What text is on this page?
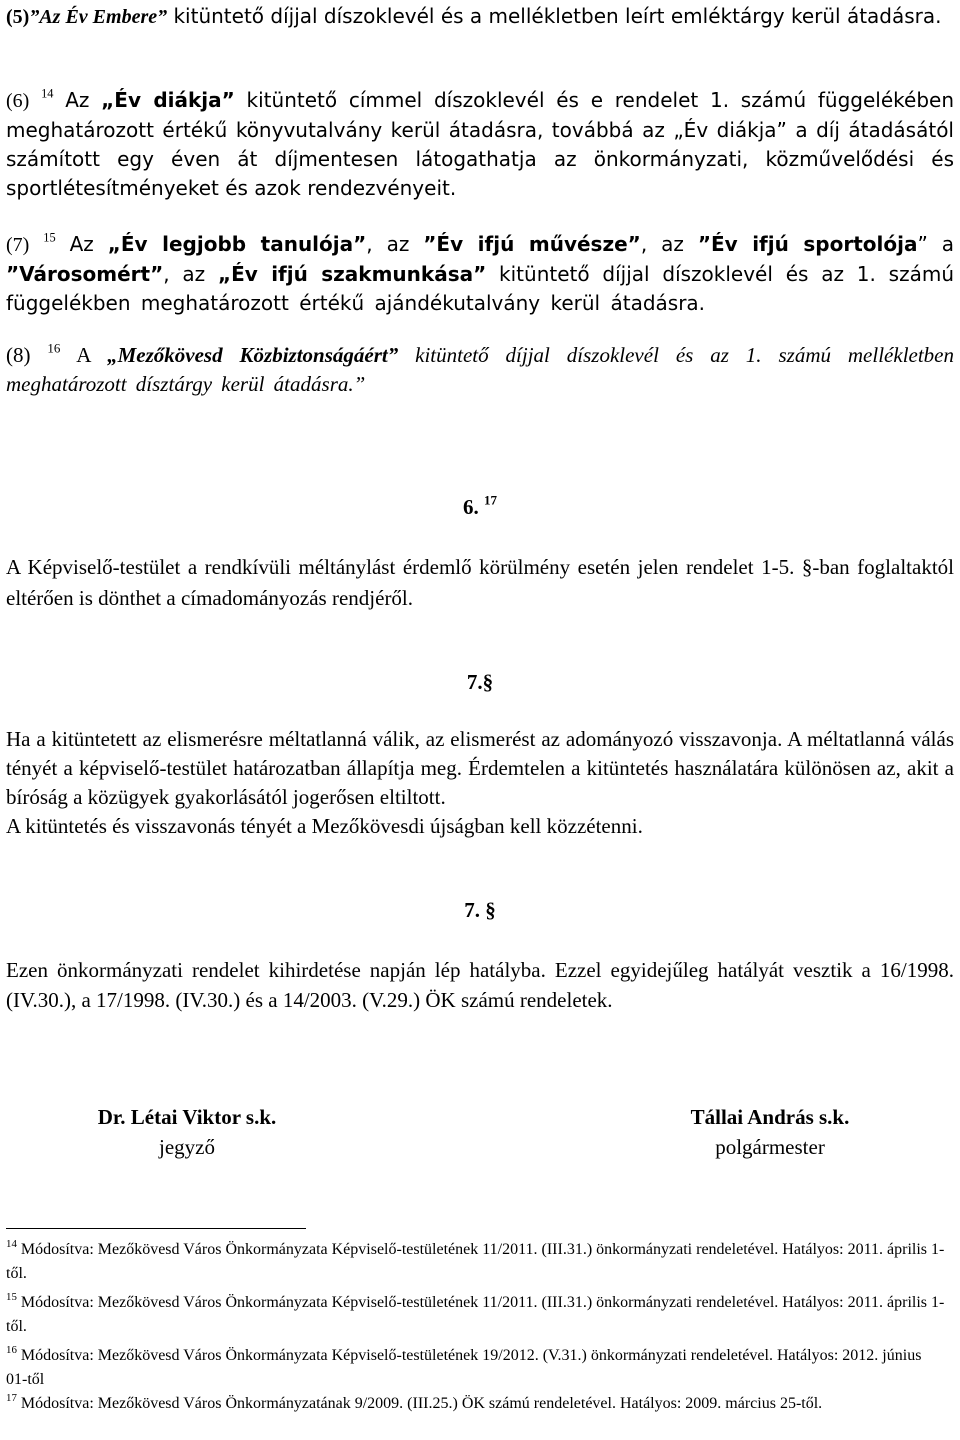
(5)”Az Év Embere” kitüntető díjjal díszoklevél és a mellékletben leírt emléktárgy kerül átadásra.
(6) $^{14}$ Az „Év diákja” kitüntető címmel díszoklevél és e rendelet 1. számú függelékében meghatározott értékű könyvutalvány kerül átadásra, továbbá az „Év diákja” a díj átadásától számított egy éven át díjmentesen látogathatja az önkormányzati, közművelődési és sportlétesítményeket és azok rendezvényeit.
(7) $^{15}$ Az „Év legjobb tanulója”, az ”Év ifjú művésze”, az ”Év ifjú sportolója” a ”Városomért”, az „Év ifjú szakmunkása” kitüntető díjjal díszoklevél és az 1. számú függelékben meghatározott értékű ajándékutalvány kerül átadásra.
(8) $^{16}$ A „Mezőkövesd Közbiztonságáért” kitüntető díjjal díszoklevél és az 1. számú mellékletben meghatározott dísztárgy kerül átadásra.”
6. $^{17}$
A Képviselő-testület a rendkívüli méltánylást érdemlő körülmény esetén jelen rendelet 1-5. §-ban foglaltaktól eltérően is dönthet a címadományozás rendjéről.
7.§
Ha a kitüntetett az elismerésre méltatlanná válik, az elismerést az adományozó visszavonja. A méltatlanná válás tényét a képviselő-testület határozatban állapítja meg. Érdemtelen a kitüntetés használatára különösen az, akit a bíróság a közügyek gyakorlásától jogerősen eltiltott.
A kitüntetés és visszavonás tényét a Mezőkövesdi újságban kell közzétenni.
7. §
Ezen önkormányzati rendelet kihirdetése napján lép hatályba. Ezzel egyidejűleg hatályát vesztik a 16/1998. (IV.30.), a 17/1998. (IV.30.) és a 14/2003. (V.29.) ÖK számú rendeletek.
Dr. Létai Viktor s.k.
jegyző
Tállai András s.k.
polgármester
$^{14}$ Módosítva: Mezőkövesd Város Önkormányzata Képviselő-testületének 11/2011. (III.31.) önkormányzati rendeletével. Hatályos: 2011. április 1-től.
$^{15}$ Módosítva: Mezőkövesd Város Önkormányzata Képviselő-testületének 11/2011. (III.31.) önkormányzati rendeletével. Hatályos: 2011. április 1-től.
$^{16}$ Módosítva: Mezőkövesd Város Önkormányzata Képviselő-testületének 19/2012. (V.31.) önkormányzati rendeletével. Hatályos: 2012. június 01-től
$^{17}$ Módosítva: Mezőkövesd Város Önkormányzatának 9/2009. (III.25.) ÖK számú rendeletével. Hatályos: 2009. március 25-től.
